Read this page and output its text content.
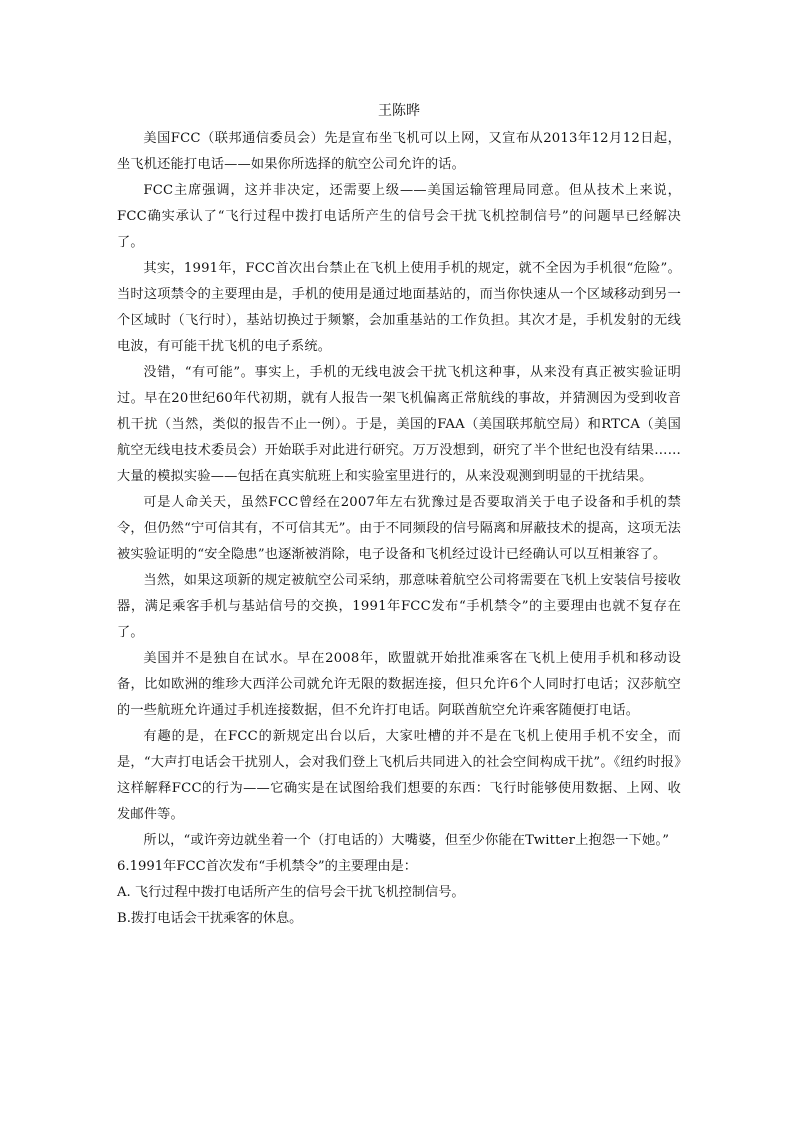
王陈晔

美国FCC（联邦通信委员会）先是宣布坐飞机可以上网，又宣布从2013年12月12日起，坐飞机还能打电话——如果你所选择的航空公司允许的话。

FCC主席强调，这并非决定，还需要上级——美国运输管理局同意。但从技术上来说，FCC确实承认了“飞行过程中拨打电话所产生的信号会干扰飞机控制信号”的问题早已经解决了。

其实，1991年，FCC首次出台禁止在飞机上使用手机的规定，就不全因为手机很“危险”。当时这项禁令的主要理由是，手机的使用是通过地面基站的，而当你快速从一个区域移动到另一个区域时（飞行时），基站切换过于频繁，会加重基站的工作负担。其次才是，手机发射的无线电波，有可能干扰飞机的电子系统。

没错，“有可能”。事实上，手机的无线电波会干扰飞机这种事，从来没有真正被实验证明过。早在20世纪60年代初期，就有人报告一架飞机偏离正常航线的事故，并猜测因为受到收音机干扰（当然，类似的报告不止一例）。于是，美国的FAA（美国联邦航空局）和RTCA（美国航空无线电技术委员会）开始联手对此进行研究。万万没想到，研究了半个世纪也没有结果……大量的模拟实验——包括在真实航班上和实验室里进行的，从来没观测到明显的干扰结果。

可是人命关天，虽然FCC曾经在2007年左右犹豫过是否要取消关于电子设备和手机的禁令，但仍然“宁可信其有，不可信其无”。由于不同频段的信号隔离和屏蔽技术的提高，这项无法被实验证明的“安全隐患”也逐渐被消除，电子设备和飞机经过设计已经确认可以互相兼容了。

当然，如果这项新的规定被航空公司采纳，那意味着航空公司将需要在飞机上安装信号接收器，满足乘客手机与基站信号的交换，1991年FCC发布“手机禁令”的主要理由也就不复存在了。

美国并不是独自在试水。早在2008年，欧盟就开始批准乘客在飞机上使用手机和移动设备，比如欧洲的维珍大西洋公司就允许无限的数据连接，但只允许6个人同时打电话；汉莎航空的一些航班允许通过手机连接数据，但不允许打电话。阿联酋航空允许乘客随便打电话。

有趣的是，在FCC的新规定出台以后，大家吐槽的并不是在飞机上使用手机不安全，而是，“大声打电话会干扰别人，会对我们登上飞机后共同进入的社会空间构成干扰”。《纽约时报》这样解释FCC的行为——它确实是在试图给我们想要的东西：飞行时能够使用数据、上网、收发邮件等。

所以，“或许旁边就坐着一个（打电话的）大嘴婆，但至少你能在Twitter上抱怨一下她。”

6.1991年FCC首次发布“手机禁令”的主要理由是：

A. 飞行过程中拨打电话所产生的信号会干扰飞机控制信号。

B.拨打电话会干扰乘客的休息。
